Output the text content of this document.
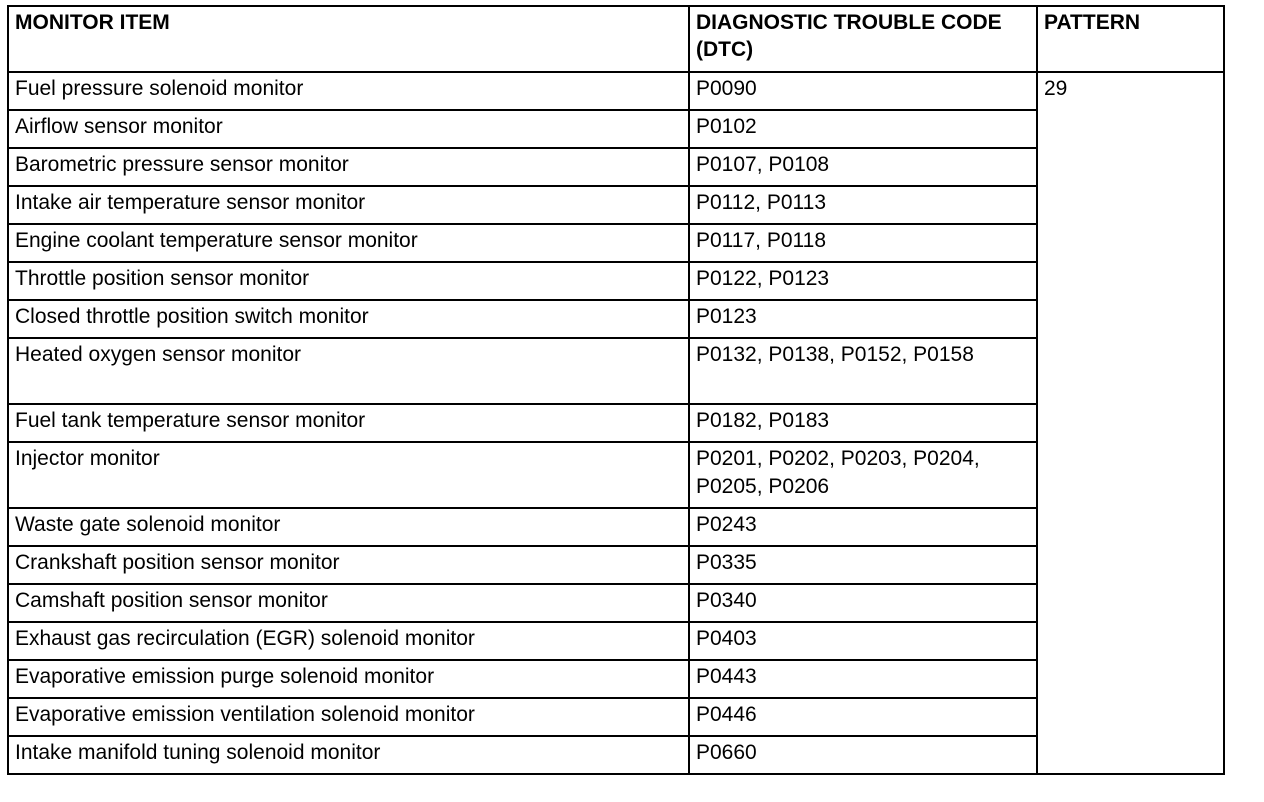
MONITOR ITEM	DIAGNOSTIC TROUBLE CODE (DTC)	PATTERN
Fuel pressure solenoid monitor	P0090	29
Airflow sensor monitor	P0102	
Barometric pressure sensor monitor	P0107, P0108	
Intake air temperature sensor monitor	P0112, P0113	
Engine coolant temperature sensor monitor	P0117, P0118	
Throttle position sensor monitor	P0122, P0123	
Closed throttle position switch monitor	P0123	
Heated oxygen sensor monitor	P0132, P0138, P0152, P0158	
Fuel tank temperature sensor monitor	P0182, P0183	
Injector monitor	P0201, P0202, P0203, P0204, P0205, P0206	
Waste gate solenoid monitor	P0243	
Crankshaft position sensor monitor	P0335	
Camshaft position sensor monitor	P0340	
Exhaust gas recirculation (EGR) solenoid monitor	P0403	
Evaporative emission purge solenoid monitor	P0443	
Evaporative emission ventilation solenoid monitor	P0446	
Intake manifold tuning solenoid monitor	P0660	
